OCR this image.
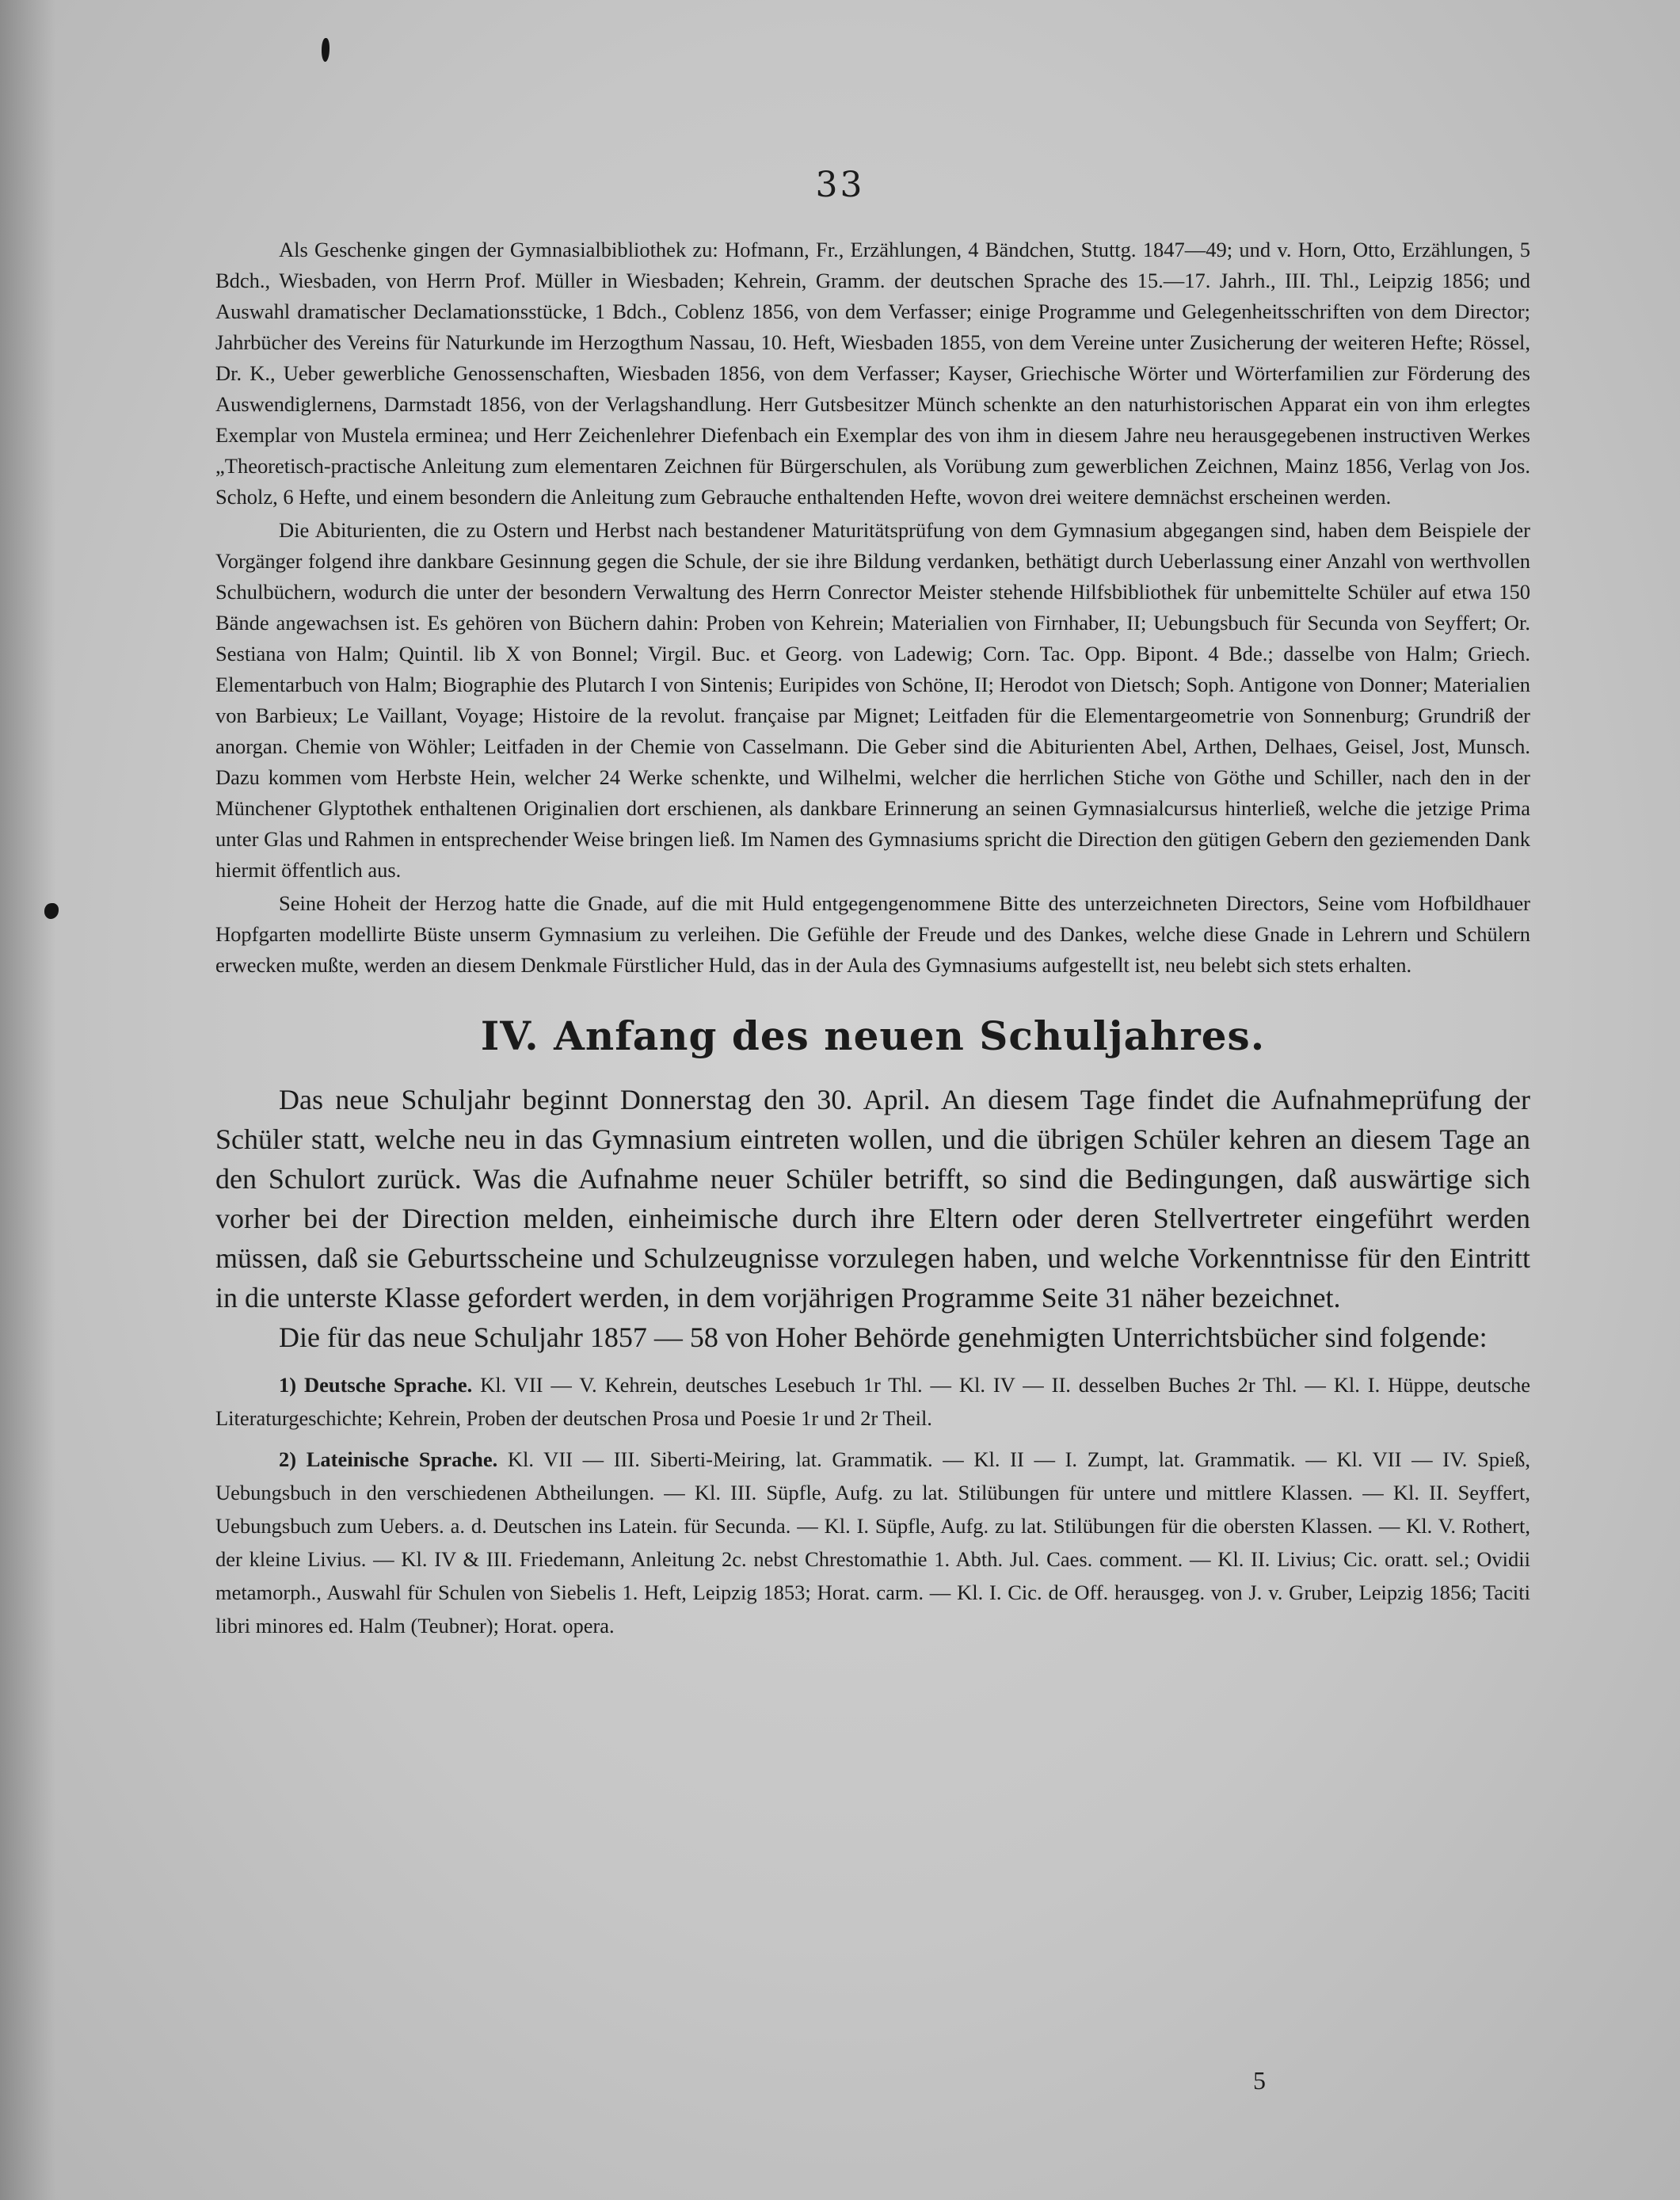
33

Als Geschenke gingen der Gymnasialbibliothek zu: Hofmann, Fr., Erzählungen, 4 Bändchen, Stuttg. 1847—49; und v. Horn, Otto, Erzählungen, 5 Bdch., Wiesbaden, von Herrn Prof. Müller in Wiesbaden; Kehrein, Gramm. der deutschen Sprache des 15.—17. Jahrh., III. Thl., Leipzig 1856; und Auswahl dramatischer Declamationsstücke, 1 Bdch., Coblenz 1856, von dem Verfasser; einige Programme und Gelegenheitsschriften von dem Director; Jahrbücher des Vereins für Naturkunde im Herzogthum Nassau, 10. Heft, Wiesbaden 1855, von dem Vereine unter Zusicherung der weiteren Hefte; Rössel, Dr. K., Ueber gewerbliche Genossenschaften, Wiesbaden 1856, von dem Verfasser; Kayser, Griechische Wörter und Wörterfamilien zur Förderung des Auswendiglernens, Darmstadt 1856, von der Verlagshandlung. Herr Gutsbesitzer Münch schenkte an den naturhistorischen Apparat ein von ihm erlegtes Exemplar von Mustela erminea; und Herr Zeichenlehrer Diefenbach ein Exemplar des von ihm in diesem Jahre neu herausgegebenen instructiven Werkes „Theoretisch-practische Anleitung zum elementaren Zeichnen für Bürgerschulen, als Vorübung zum gewerblichen Zeichnen, Mainz 1856, Verlag von Jos. Scholz, 6 Hefte, und einem besondern die Anleitung zum Gebrauche enthaltenden Hefte, wovon drei weitere demnächst erscheinen werden.

Die Abiturienten, die zu Ostern und Herbst nach bestandener Maturitätsprüfung von dem Gymnasium abgegangen sind, haben dem Beispiele der Vorgänger folgend ihre dankbare Gesinnung gegen die Schule, der sie ihre Bildung verdanken, bethätigt durch Ueberlassung einer Anzahl von werthvollen Schulbüchern, wodurch die unter der besondern Verwaltung des Herrn Conrector Meister stehende Hilfsbibliothek für unbemittelte Schüler auf etwa 150 Bände angewachsen ist. Es gehören von Büchern dahin: Proben von Kehrein; Materialien von Firnhaber, II; Uebungsbuch für Secunda von Seyffert; Or. Sestiana von Halm; Quintil. lib X von Bonnel; Virgil. Buc. et Georg. von Ladewig; Corn. Tac. Opp. Bipont. 4 Bde.; dasselbe von Halm; Griech. Elementarbuch von Halm; Biographie des Plutarch I von Sintenis; Euripides von Schöne, II; Herodot von Dietsch; Soph. Antigone von Donner; Materialien von Barbieux; Le Vaillant, Voyage; Histoire de la revolut. française par Mignet; Leitfaden für die Elementargeometrie von Sonnenburg; Grundriß der anorgan. Chemie von Wöhler; Leitfaden in der Chemie von Casselmann. Die Geber sind die Abiturienten Abel, Arthen, Delhaes, Geisel, Jost, Munsch. Dazu kommen vom Herbste Hein, welcher 24 Werke schenkte, und Wilhelmi, welcher die herrlichen Stiche von Göthe und Schiller, nach den in der Münchener Glyptothek enthaltenen Originalien dort erschienen, als dankbare Erinnerung an seinen Gymnasialcursus hinterließ, welche die jetzige Prima unter Glas und Rahmen in entsprechender Weise bringen ließ. Im Namen des Gymnasiums spricht die Direction den gütigen Gebern den geziemenden Dank hiermit öffentlich aus.

Seine Hoheit der Herzog hatte die Gnade, auf die mit Huld entgegengenommene Bitte des unterzeichneten Directors, Seine vom Hofbildhauer Hopfgarten modellirte Büste unserm Gymnasium zu verleihen. Die Gefühle der Freude und des Dankes, welche diese Gnade in Lehrern und Schülern erwecken mußte, werden an diesem Denkmale Fürstlicher Huld, das in der Aula des Gymnasiums aufgestellt ist, neu belebt sich stets erhalten.

IV. Anfang des neuen Schuljahres.

Das neue Schuljahr beginnt Donnerstag den 30. April. An diesem Tage findet die Aufnahmeprüfung der Schüler statt, welche neu in das Gymnasium eintreten wollen, und die übrigen Schüler kehren an diesem Tage an den Schulort zurück. Was die Aufnahme neuer Schüler betrifft, so sind die Bedingungen, daß auswärtige sich vorher bei der Direction melden, einheimische durch ihre Eltern oder deren Stellvertreter eingeführt werden müssen, daß sie Geburtsscheine und Schulzeugnisse vorzulegen haben, und welche Vorkenntnisse für den Eintritt in die unterste Klasse gefordert werden, in dem vorjährigen Programme Seite 31 näher bezeichnet.

Die für das neue Schuljahr 1857 — 58 von Hoher Behörde genehmigten Unterrichtsbücher sind folgende:

1) Deutsche Sprache. Kl. VII — V. Kehrein, deutsches Lesebuch 1r Thl. — Kl. IV — II. desselben Buches 2r Thl. — Kl. I. Hüppe, deutsche Literaturgeschichte; Kehrein, Proben der deutschen Prosa und Poesie 1r und 2r Theil.

2) Lateinische Sprache. Kl. VII — III. Siberti-Meiring, lat. Grammatik. — Kl. II — I. Zumpt, lat. Grammatik. — Kl. VII — IV. Spieß, Uebungsbuch in den verschiedenen Abtheilungen. — Kl. III. Süpfle, Aufg. zu lat. Stilübungen für untere und mittlere Klassen. — Kl. II. Seyffert, Uebungsbuch zum Uebers. a. d. Deutschen ins Latein. für Secunda. — Kl. I. Süpfle, Aufg. zu lat. Stilübungen für die obersten Klassen. — Kl. V. Rothert, der kleine Livius. — Kl. IV & III. Friedemann, Anleitung 2c. nebst Chrestomathie 1. Abth. Jul. Caes. comment. — Kl. II. Livius; Cic. oratt. sel.; Ovidii metamorph., Auswahl für Schulen von Siebelis 1. Heft, Leipzig 1853; Horat. carm. — Kl. I. Cic. de Off. herausgeg. von J. v. Gruber, Leipzig 1856; Taciti libri minores ed. Halm (Teubner); Horat. opera.

5
